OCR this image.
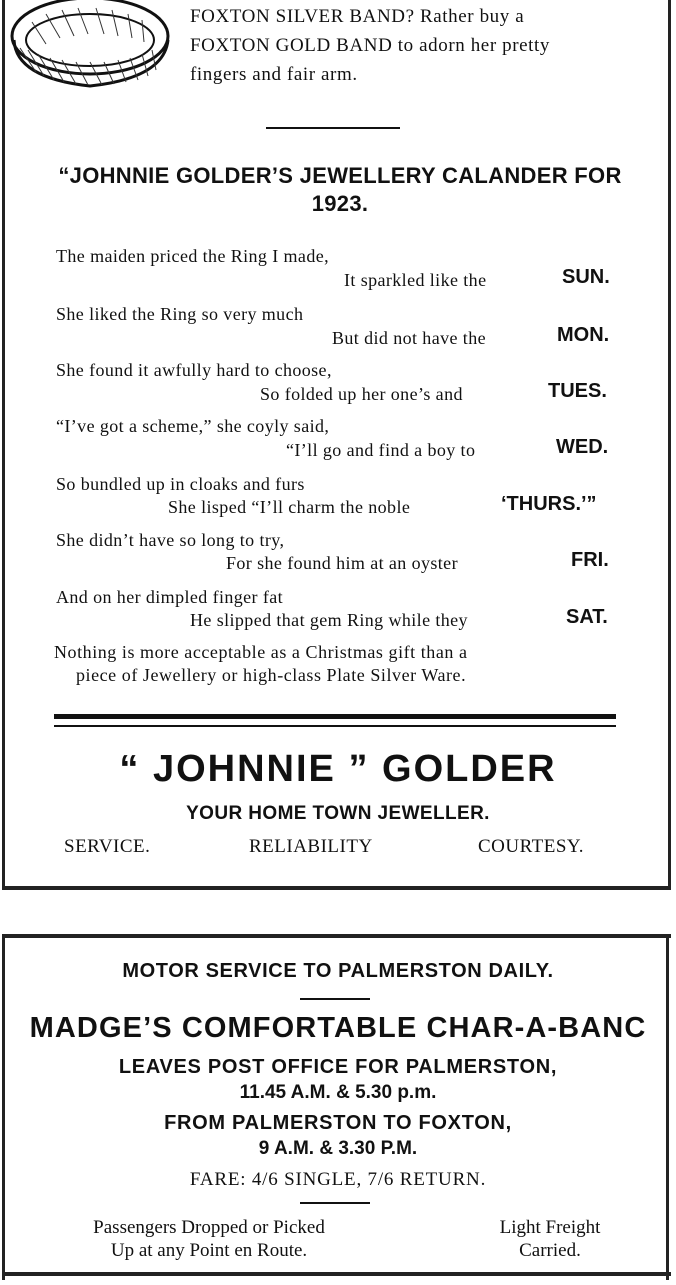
FOXTON SILVER BAND? Rather buy a
FOXTON GOLD BAND to adorn her pretty
fingers and fair arm.
“JOHNNIE GOLDER’S JEWELLERY CALANDER FOR
1923.
The maiden priced the Ring I made,
It sparkled like the	SUN.
She liked the Ring so very much
But did not have the	MON.
She found it awfully hard to choose,
So folded up her one’s and	TUES.
“I’ve got a scheme,” she coyly said,
“I’ll go and find a boy to	WED.
So bundled up in cloaks and furs
She lisped “I’ll charm the noble	‘THURS.’”
She didn’t have so long to try,
For she found him at an oyster	FRI.
And on her dimpled finger fat
He slipped that gem Ring while they	SAT.
Nothing is more acceptable as a Christmas gift than a
piece of Jewellery or high-class Plate Silver Ware.
“ JOHNNIE ” GOLDER
YOUR HOME TOWN JEWELLER.
SERVICE.	RELIABILITY	COURTESY.
MOTOR SERVICE TO PALMERSTON DAILY.
MADGE’S COMFORTABLE CHAR-A-BANC
LEAVES POST OFFICE FOR PALMERSTON,
11.45 A.M. & 5.30 p.m.
FROM PALMERSTON TO FOXTON,
9 A.M. & 3.30 P.M.
FARE: 4/6 SINGLE, 7/6 RETURN.
Passengers Dropped or Picked
Up at any Point en Route.
Light Freight
Carried.
